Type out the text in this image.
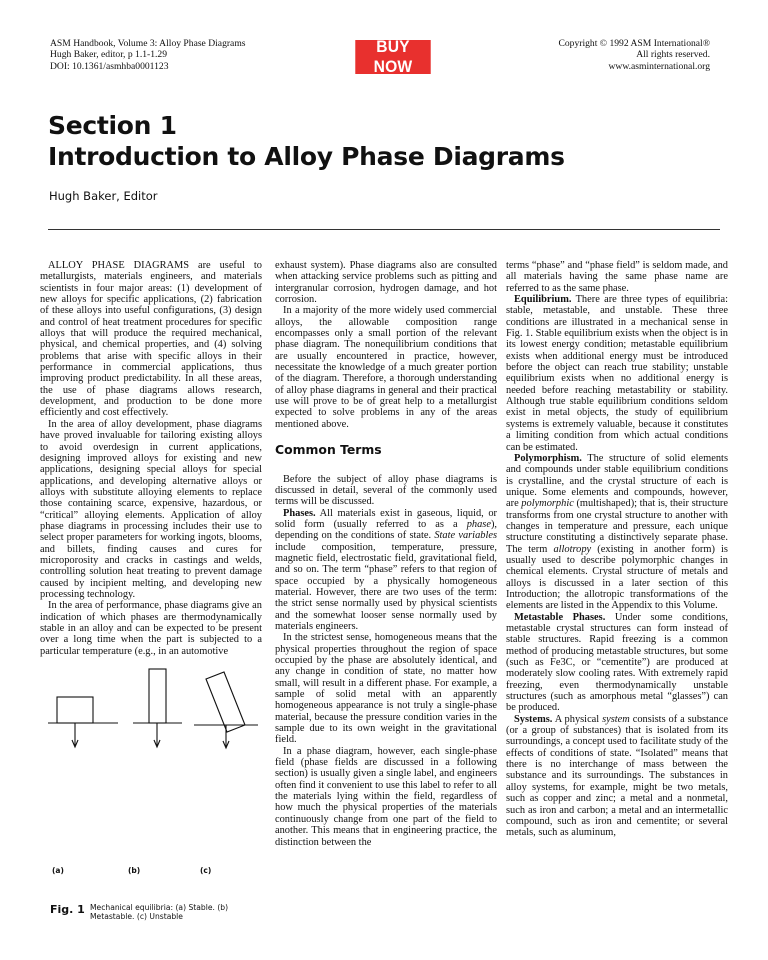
ASM Handbook, Volume 3: Alloy Phase Diagrams
Hugh Baker, editor, p 1.1-1.29
DOI: 10.1361/asmhba0001123
BUY NOW
Copyright © 1992 ASM International®
All rights reserved.
www.asminternational.org
Section 1
Introduction to Alloy Phase Diagrams
Hugh Baker, Editor

ALLOY PHASE DIAGRAMS are useful to metallurgists, materials engineers, and materials scientists in four major areas: (1) development of new alloys for specific applications, (2) fabrication of these alloys into useful configurations, (3) design and control of heat treatment procedures for specific alloys that will produce the required mechanical, physical, and chemical properties, and (4) solving problems that arise with specific alloys in their performance in commercial applications, thus improving product predictability. In all these areas, the use of phase diagrams allows research, development, and production to be done more efficiently and cost effectively.

In the area of alloy development, phase diagrams have proved invaluable for tailoring existing alloys to avoid overdesign in current applications, designing improved alloys for existing and new applications, designing special alloys for special applications, and developing alternative alloys or alloys with substitute alloying elements to replace those containing scarce, expensive, hazardous, or “critical” alloying elements. Application of alloy phase diagrams in processing includes their use to select proper parameters for working ingots, blooms, and billets, finding causes and cures for microporosity and cracks in castings and welds, controlling solution heat treating to prevent damage caused by incipient melting, and developing new processing technology.

In the area of performance, phase diagrams give an indication of which phases are thermodynamically stable in an alloy and can be expected to be present over a long time when the part is subjected to a particular temperature (e.g., in an automotive

(a)	(b)	(c)
Fig. 1 Mechanical equilibria: (a) Stable. (b) Metastable. (c) Unstable

exhaust system). Phase diagrams also are consulted when attacking service problems such as pitting and intergranular corrosion, hydrogen damage, and hot corrosion.

In a majority of the more widely used commercial alloys, the allowable composition range encompasses only a small portion of the relevant phase diagram. The nonequilibrium conditions that are usually encountered in practice, however, necessitate the knowledge of a much greater portion of the diagram. Therefore, a thorough understanding of alloy phase diagrams in general and their practical use will prove to be of great help to a metallurgist expected to solve problems in any of the areas mentioned above.

Common Terms

Before the subject of alloy phase diagrams is discussed in detail, several of the commonly used terms will be discussed.

Phases. All materials exist in gaseous, liquid, or solid form (usually referred to as a phase), depending on the conditions of state. State variables include composition, temperature, pressure, magnetic field, electrostatic field, gravitational field, and so on. The term “phase” refers to that region of space occupied by a physically homogeneous material. However, there are two uses of the term: the strict sense normally used by physical scientists and the somewhat looser sense normally used by materials engineers.

In the strictest sense, homogeneous means that the physical properties throughout the region of space occupied by the phase are absolutely identical, and any change in condition of state, no matter how small, will result in a different phase. For example, a sample of solid metal with an apparently homogeneous appearance is not truly a single-phase material, because the pressure condition varies in the sample due to its own weight in the gravitational field.

In a phase diagram, however, each single-phase field (phase fields are discussed in a following section) is usually given a single label, and engineers often find it convenient to use this label to refer to all the materials lying within the field, regardless of how much the physical properties of the materials continuously change from one part of the field to another. This means that in engineering practice, the distinction between the

terms “phase” and “phase field” is seldom made, and all materials having the same phase name are referred to as the same phase.

Equilibrium. There are three types of equilibria: stable, metastable, and unstable. These three conditions are illustrated in a mechanical sense in Fig. 1. Stable equilibrium exists when the object is in its lowest energy condition; metastable equilibrium exists when additional energy must be introduced before the object can reach true stability; unstable equilibrium exists when no additional energy is needed before reaching metastability or stability. Although true stable equilibrium conditions seldom exist in metal objects, the study of equilibrium systems is extremely valuable, because it constitutes a limiting condition from which actual conditions can be estimated.

Polymorphism. The structure of solid elements and compounds under stable equilibrium conditions is crystalline, and the crystal structure of each is unique. Some elements and compounds, however, are polymorphic (multishaped); that is, their structure transforms from one crystal structure to another with changes in temperature and pressure, each unique structure constituting a distinctively separate phase. The term allotropy (existing in another form) is usually used to describe polymorphic changes in chemical elements. Crystal structure of metals and alloys is discussed in a later section of this Introduction; the allotropic transformations of the elements are listed in the Appendix to this Volume.

Metastable Phases. Under some conditions, metastable crystal structures can form instead of stable structures. Rapid freezing is a common method of producing metastable structures, but some (such as Fe3C, or “cementite”) are produced at moderately slow cooling rates. With extremely rapid freezing, even thermodynamically unstable structures (such as amorphous metal “glasses”) can be produced.

Systems. A physical system consists of a substance (or a group of substances) that is isolated from its surroundings, a concept used to facilitate study of the effects of conditions of state. “Isolated” means that there is no interchange of mass between the substance and its surroundings. The substances in alloy systems, for example, might be two metals, such as copper and zinc; a metal and a nonmetal, such as iron and carbon; a metal and an intermetallic compound, such as iron and cementite; or several metals, such as aluminum,
